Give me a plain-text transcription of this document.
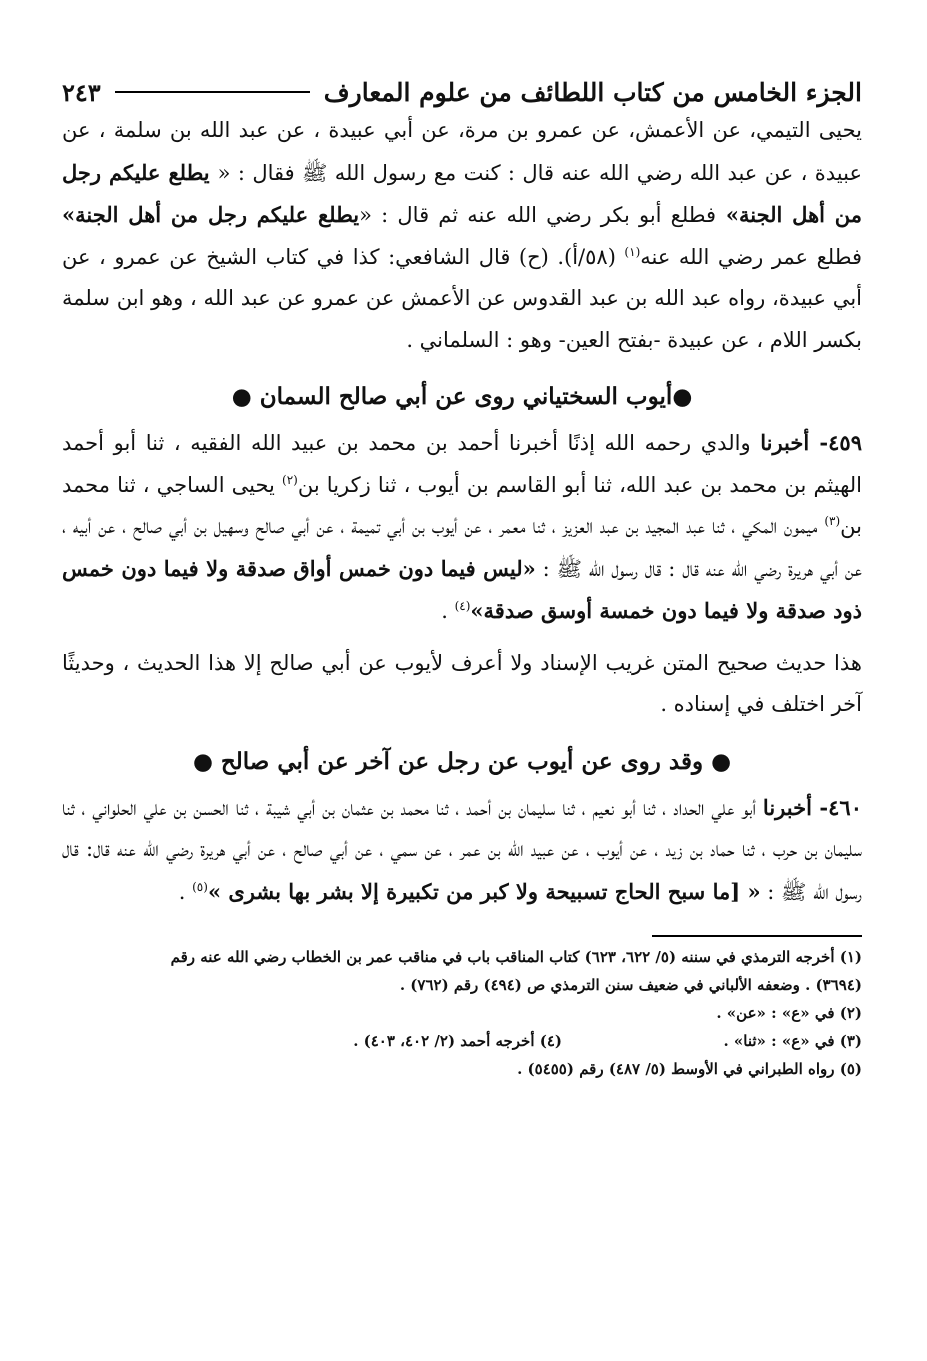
الجزء الخامس من كتاب اللطائف من علوم المعارف
٢٤٣

يحيى التيمي، عن الأعمش، عن عمرو بن مرة، عن أبي عبيدة ، عن عبد الله بن سلمة ، عن عبيدة ، عن عبد الله رضي الله عنه قال : كنت مع رسول الله ﷺ فقال : « يطلع عليكم رجل من أهل الجنة» فطلع أبو بكر رضي الله عنه ثم قال : «يطلع عليكم رجل من أهل الجنة» فطلع عمر رضي الله عنه$^{(١)}$ (٥٨/أ). (ح) قال الشافعي: كذا في كتاب الشيخ عن عمرو ، عن أبي عبيدة، رواه عبد الله بن عبد القدوس عن الأعمش عن عمرو عن عبد الله ، وهو ابن سلمة بكسر اللام ، عن عبيدة -بفتح العين- وهو : السلماني .

●أيوب السختياني روى عن أبي صالح السمان ●

٤٥٩- أخبرنا والدي رحمه الله إذنًا أخبرنا أحمد بن محمد بن عبيد الله الفقيه ، ثنا أبو أحمد الهيثم بن محمد بن عبد الله، ثنا أبو القاسم بن أيوب ، ثنا زكريا بن$^{(٢)}$ يحيى الساجي ، ثنا محمد بن$^{(٣)}$ ميمون المكي ، ثنا عبد المجيد بن عبد العزيز ، ثنا معمر ، عن أيوب بن أبي تميمة ، عن أبي صالح وسهيل بن أبي صالح ، عن أبيه ، عن أبي هريرة رضي الله عنه قال : قال رسول الله ﷺ : «ليس فيما دون خمس أواق صدقة ولا فيما دون خمس ذود صدقة ولا فيما دون خمسة أوسق صدقة»$^{(٤)}$ .

هذا حديث صحيح المتن غريب الإسناد ولا أعرف لأيوب عن أبي صالح إلا هذا الحديث ، وحديثًا آخر اختلف في إسناده .

● وقد روى عن أيوب عن رجل عن آخر عن أبي صالح ●

٤٦٠- أخبرنا أبو علي الحداد ، ثنا أبو نعيم ، ثنا سليمان بن أحمد ، ثنا محمد بن عثمان بن أبي شيبة ، ثنا الحسن بن علي الحلواني ، ثنا سليمان بن حرب ، ثنا حماد بن زيد ، عن أيوب ، عن عبيد الله بن عمر ، عن سمي ، عن أبي صالح ، عن أبي هريرة رضي الله عنه قال: قال رسول الله ﷺ : « [ما سبح الحاج تسبيحة ولا كبر من تكبيرة إلا بشر بها بشرى »$^{(٥)}$ .

(١) أخرجه الترمذي في سننه (٥/ ٦٢٢، ٦٢٣) كتاب المناقب باب في مناقب عمر بن الخطاب رضي الله عنه رقم

(٣٦٩٤) . وضعفه الألباني في ضعيف سنن الترمذي ص (٤٩٤) رقم (٧٦٢) .

(٢) في «ع» : «عن» .

(٣) في «ع» : «ثنا» .

(٤) أخرجه أحمد (٢/ ٤٠٢، ٤٠٣) .

(٥) رواه الطبراني في الأوسط (٥/ ٤٨٧) رقم (٥٤٥٥) .
